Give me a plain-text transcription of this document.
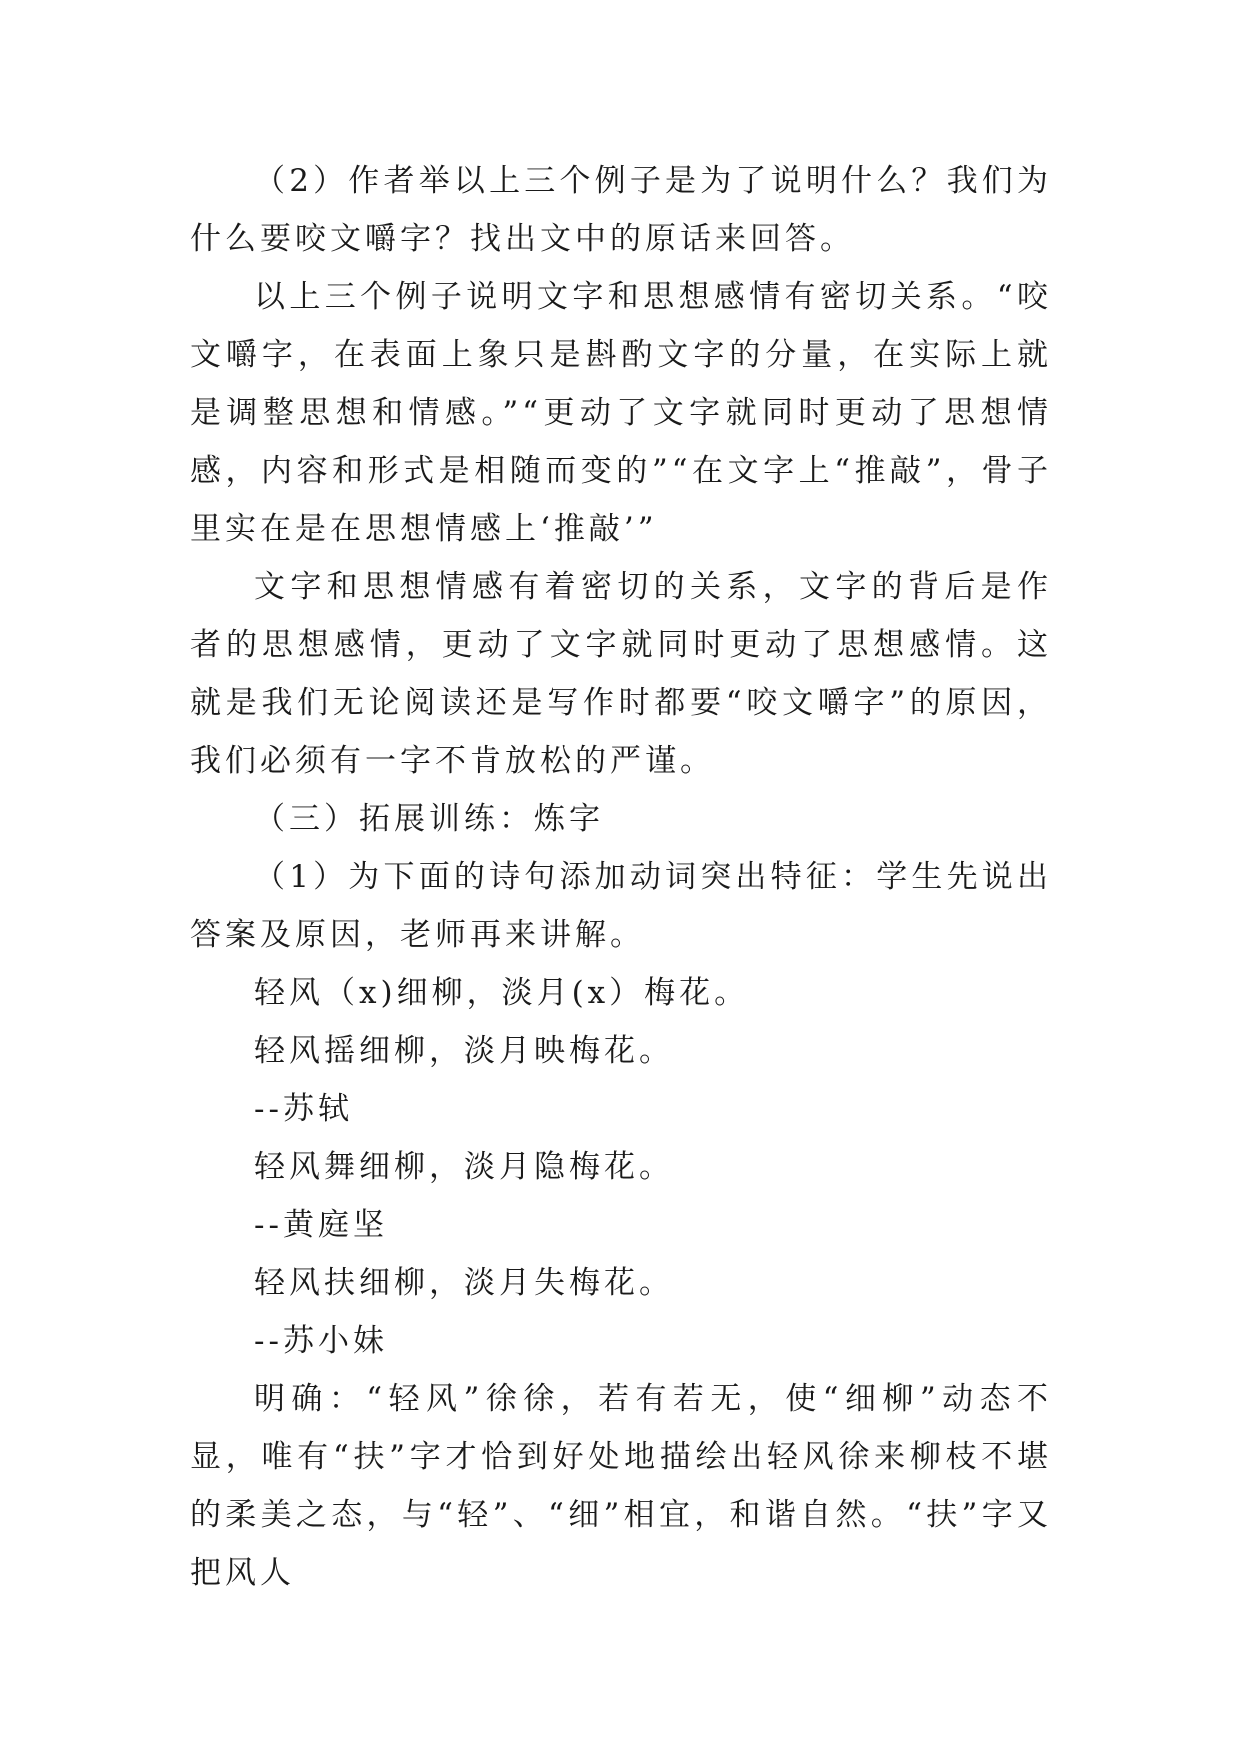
（2）作者举以上三个例子是为了说明什么？我们为什么要咬文嚼字？找出文中的原话来回答。

以上三个例子说明文字和思想感情有密切关系。“咬文嚼字，在表面上象只是斟酌文字的分量，在实际上就是调整思想和情感。”“更动了文字就同时更动了思想情感，内容和形式是相随而变的”“在文字上“推敲”，骨子里实在是在思想情感上‘推敲’”

文字和思想情感有着密切的关系，文字的背后是作者的思想感情，更动了文字就同时更动了思想感情。这就是我们无论阅读还是写作时都要“咬文嚼字”的原因，我们必须有一字不肯放松的严谨。

（三）拓展训练：炼字

（1）为下面的诗句添加动词突出特征：学生先说出答案及原因，老师再来讲解。

轻风（x)细柳，淡月(x）梅花。

轻风摇细柳，淡月映梅花。

--苏轼

轻风舞细柳，淡月隐梅花。

--黄庭坚

轻风扶细柳，淡月失梅花。

--苏小妹

明确：“轻风”徐徐，若有若无，使“细柳”动态不显，唯有“扶”字才恰到好处地描绘出轻风徐来柳枝不堪的柔美之态，与“轻”、“细”相宜，和谐自然。“扶”字又把风人
